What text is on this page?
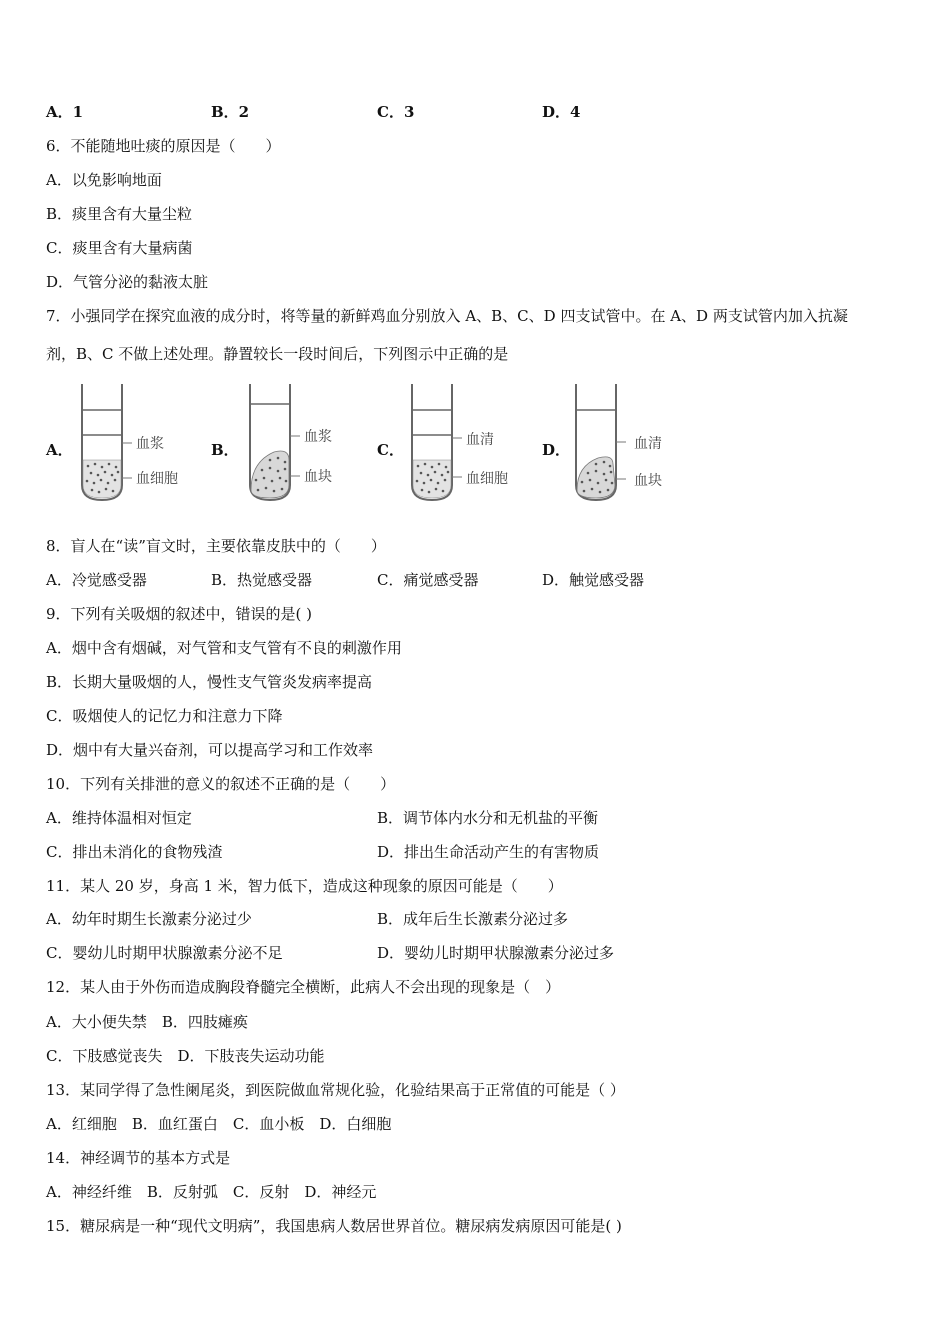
A．1	B．2	C．3	D．4
6．不能随地吐痰的原因是（　　）
A．以免影响地面
B．痰里含有大量尘粒
C．痰里含有大量病菌
D．气管分泌的黏液太脏
7．小强同学在探究血液的成分时，将等量的新鲜鸡血分别放入 A、B、C、D 四支试管中。在 A、D 两支试管内加入抗凝
剂，B、C 不做上述处理。静置较长一段时间后，下列图示中正确的是
A．	血浆
血细胞
B．
血浆
血块
C．
血清
血细胞
D．	血清
血块
8．盲人在“读”盲文时，主要依靠皮肤中的（　　）
A．冷觉感受器	B．热觉感受器	C．痛觉感受器	D．触觉感受器
9．下列有关吸烟的叙述中，错误的是( )
A．烟中含有烟碱，对气管和支气管有不良的刺激作用
B．长期大量吸烟的人，慢性支气管炎发病率提高
C．吸烟使人的记忆力和注意力下降
D．烟中有大量兴奋剂，可以提高学习和工作效率
10．下列有关排泄的意义的叙述不正确的是（　　）
A．维持体温相对恒定	B．调节体内水分和无机盐的平衡
C．排出未消化的食物残渣	D．排出生命活动产生的有害物质
11．某人 20 岁，身高 1 米，智力低下，造成这种现象的原因可能是（　　）
A．幼年时期生长激素分泌过少	B．成年后生长激素分泌过多
C．婴幼儿时期甲状腺激素分泌不足	D．婴幼儿时期甲状腺激素分泌过多
12．某人由于外伤而造成胸段脊髓完全横断，此病人不会出现的现象是（　）
A．大小便失禁　B．四肢瘫痪
C．下肢感觉丧失　D．下肢丧失运动功能
13．某同学得了急性阑尾炎，到医院做血常规化验，化验结果高于正常值的可能是（ ）
A．红细胞　B．血红蛋白　C．血小板　D．白细胞
14．神经调节的基本方式是
A．神经纤维　B．反射弧　C．反射　D．神经元
15．糖尿病是一种“现代文明病”，我国患病人数居世界首位。糖尿病发病原因可能是( )
